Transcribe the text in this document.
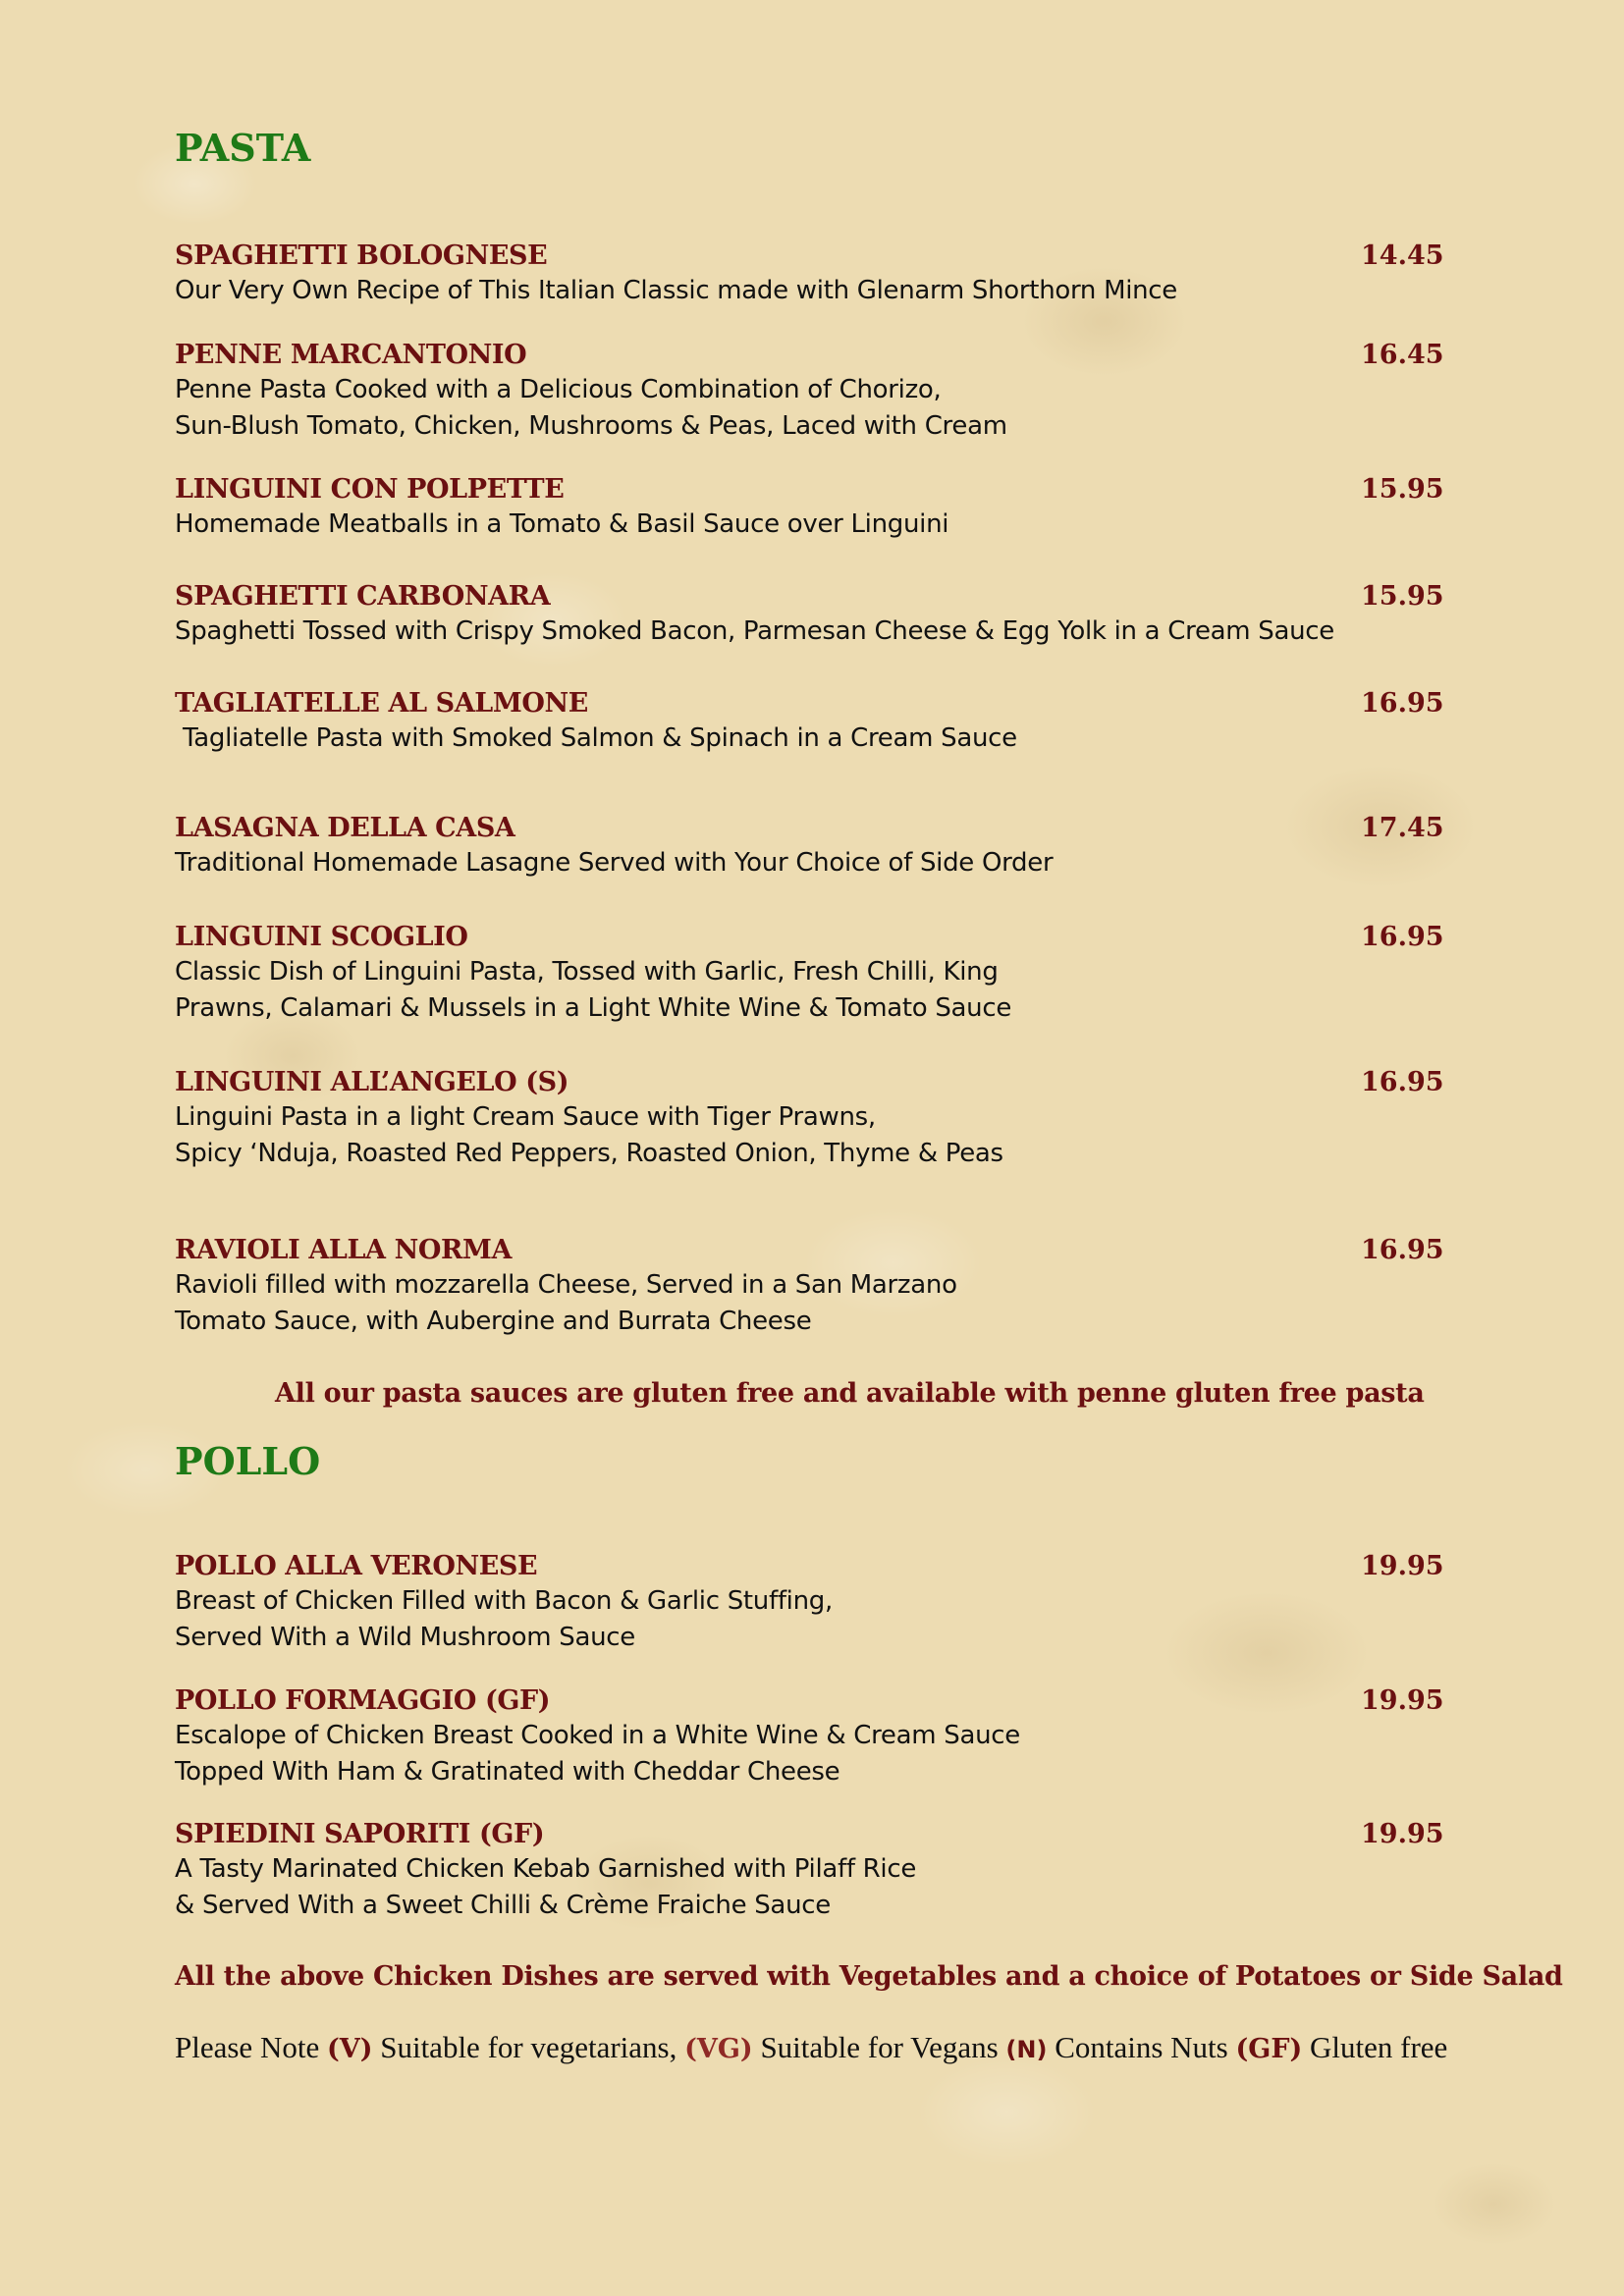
PASTA
SPAGHETTI BOLOGNESE	14.45
Our Very Own Recipe of This Italian Classic made with Glenarm Shorthorn Mince
PENNE MARCANTONIO	16.45
Penne Pasta Cooked with a Delicious Combination of Chorizo,
Sun-Blush Tomato, Chicken, Mushrooms & Peas, Laced with Cream
LINGUINI CON POLPETTE	15.95
Homemade Meatballs in a Tomato & Basil Sauce over Linguini
SPAGHETTI CARBONARA	15.95
Spaghetti Tossed with Crispy Smoked Bacon, Parmesan Cheese & Egg Yolk in a Cream Sauce
TAGLIATELLE AL SALMONE	16.95
Tagliatelle Pasta with Smoked Salmon & Spinach in a Cream Sauce
LASAGNA DELLA CASA	17.45
Traditional Homemade Lasagne Served with Your Choice of Side Order
LINGUINI SCOGLIO	16.95
Classic Dish of Linguini Pasta, Tossed with Garlic, Fresh Chilli, King
Prawns, Calamari & Mussels in a Light White Wine & Tomato Sauce
LINGUINI ALL’ANGELO (S)	16.95
Linguini Pasta in a light Cream Sauce with Tiger Prawns,
Spicy ‘Nduja, Roasted Red Peppers, Roasted Onion, Thyme & Peas
RAVIOLI ALLA NORMA	16.95
Ravioli filled with mozzarella Cheese, Served in a San Marzano
Tomato Sauce, with Aubergine and Burrata Cheese
All our pasta sauces are gluten free and available with penne gluten free pasta
POLLO
POLLO ALLA VERONESE	19.95
Breast of Chicken Filled with Bacon & Garlic Stuffing,
Served With a Wild Mushroom Sauce
POLLO FORMAGGIO (GF)	19.95
Escalope of Chicken Breast Cooked in a White Wine & Cream Sauce
Topped With Ham & Gratinated with Cheddar Cheese
SPIEDINI SAPORITI (GF)	19.95
A Tasty Marinated Chicken Kebab Garnished with Pilaff Rice
& Served With a Sweet Chilli & Crème Fraiche Sauce
All the above Chicken Dishes are served with Vegetables and a choice of Potatoes or Side Salad
Please Note (V) Suitable for vegetarians, (VG) Suitable for Vegans (N) Contains Nuts (GF) Gluten free
